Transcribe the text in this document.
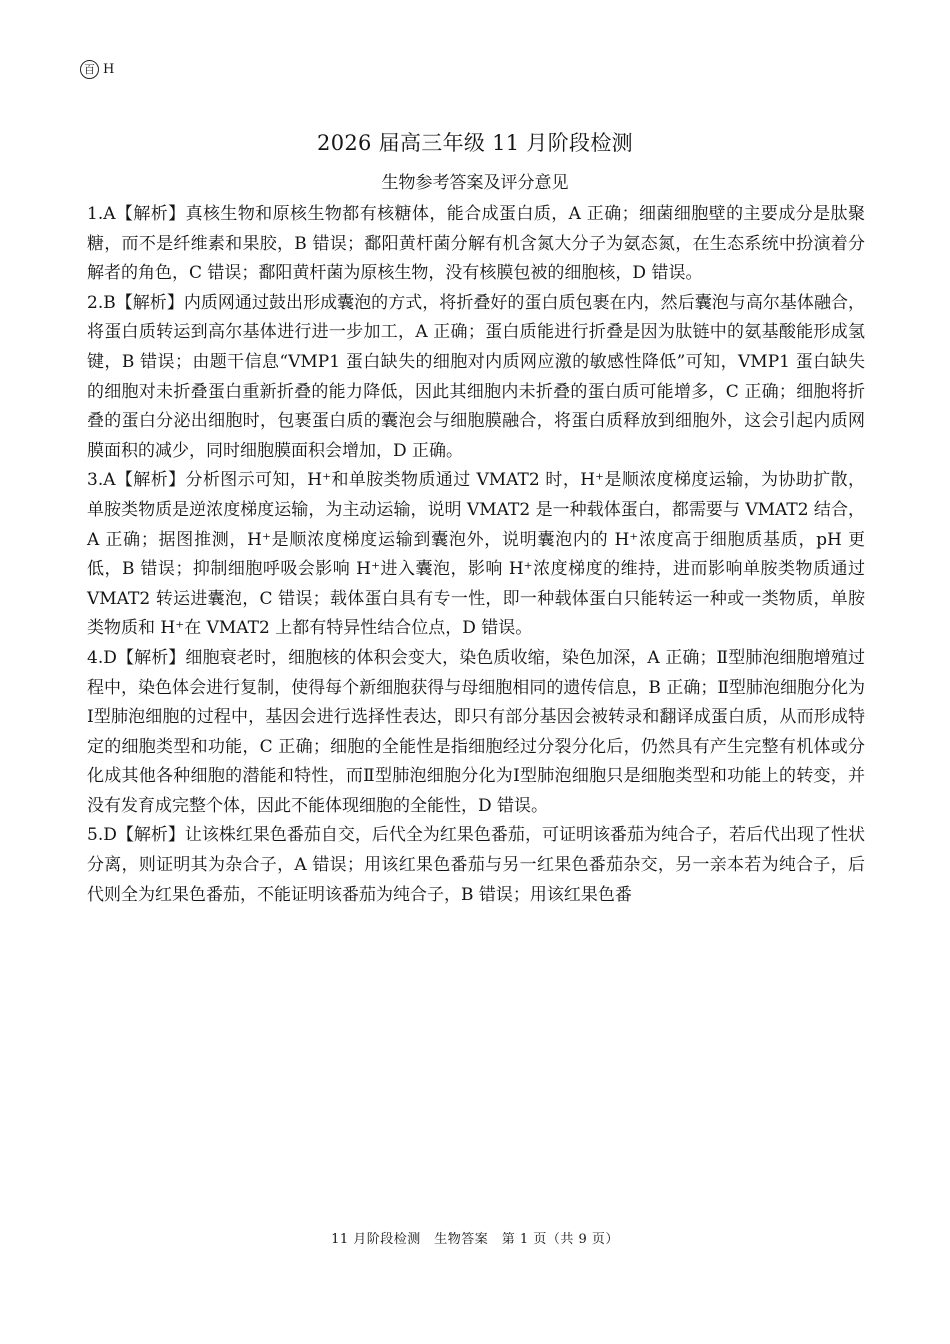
百 H
2026 届高三年级 11 月阶段检测
生物参考答案及评分意见

1.A【解析】真核生物和原核生物都有核糖体，能合成蛋白质，A 正确；细菌细胞壁的主要成分是肽聚糖，而不是纤维素和果胶，B 错误；鄱阳黄杆菌分解有机含氮大分子为氨态氮，在生态系统中扮演着分解者的角色，C 错误；鄱阳黄杆菌为原核生物，没有核膜包被的细胞核，D 错误。

2.B【解析】内质网通过鼓出形成囊泡的方式，将折叠好的蛋白质包裹在内，然后囊泡与高尔基体融合，将蛋白质转运到高尔基体进行进一步加工，A 正确；蛋白质能进行折叠是因为肽链中的氨基酸能形成氢键，B 错误；由题干信息“VMP1 蛋白缺失的细胞对内质网应激的敏感性降低”可知，VMP1 蛋白缺失的细胞对未折叠蛋白重新折叠的能力降低，因此其细胞内未折叠的蛋白质可能增多，C 正确；细胞将折叠的蛋白分泌出细胞时，包裹蛋白质的囊泡会与细胞膜融合，将蛋白质释放到细胞外，这会引起内质网膜面积的减少，同时细胞膜面积会增加，D 正确。

3.A【解析】分析图示可知，H⁺和单胺类物质通过 VMAT2 时，H⁺是顺浓度梯度运输，为协助扩散，单胺类物质是逆浓度梯度运输，为主动运输，说明 VMAT2 是一种载体蛋白，都需要与 VMAT2 结合，A 正确；据图推测，H⁺是顺浓度梯度运输到囊泡外，说明囊泡内的 H⁺浓度高于细胞质基质，pH 更低，B 错误；抑制细胞呼吸会影响 H⁺进入囊泡，影响 H⁺浓度梯度的维持，进而影响单胺类物质通过 VMAT2 转运进囊泡，C 错误；载体蛋白具有专一性，即一种载体蛋白只能转运一种或一类物质，单胺类物质和 H⁺在 VMAT2 上都有特异性结合位点，D 错误。

4.D【解析】细胞衰老时，细胞核的体积会变大，染色质收缩，染色加深，A 正确；Ⅱ型肺泡细胞增殖过程中，染色体会进行复制，使得每个新细胞获得与母细胞相同的遗传信息，B 正确；Ⅱ型肺泡细胞分化为Ⅰ型肺泡细胞的过程中，基因会进行选择性表达，即只有部分基因会被转录和翻译成蛋白质，从而形成特定的细胞类型和功能，C 正确；细胞的全能性是指细胞经过分裂分化后，仍然具有产生完整有机体或分化成其他各种细胞的潜能和特性，而Ⅱ型肺泡细胞分化为Ⅰ型肺泡细胞只是细胞类型和功能上的转变，并没有发育成完整个体，因此不能体现细胞的全能性，D 错误。

5.D【解析】让该株红果色番茄自交，后代全为红果色番茄，可证明该番茄为纯合子，若后代出现了性状分离，则证明其为杂合子，A 错误；用该红果色番茄与另一红果色番茄杂交，另一亲本若为纯合子，后代则全为红果色番茄，不能证明该番茄为纯合子，B 错误；用该红果色番

11 月阶段检测　生物答案　第 1 页（共 9 页）
